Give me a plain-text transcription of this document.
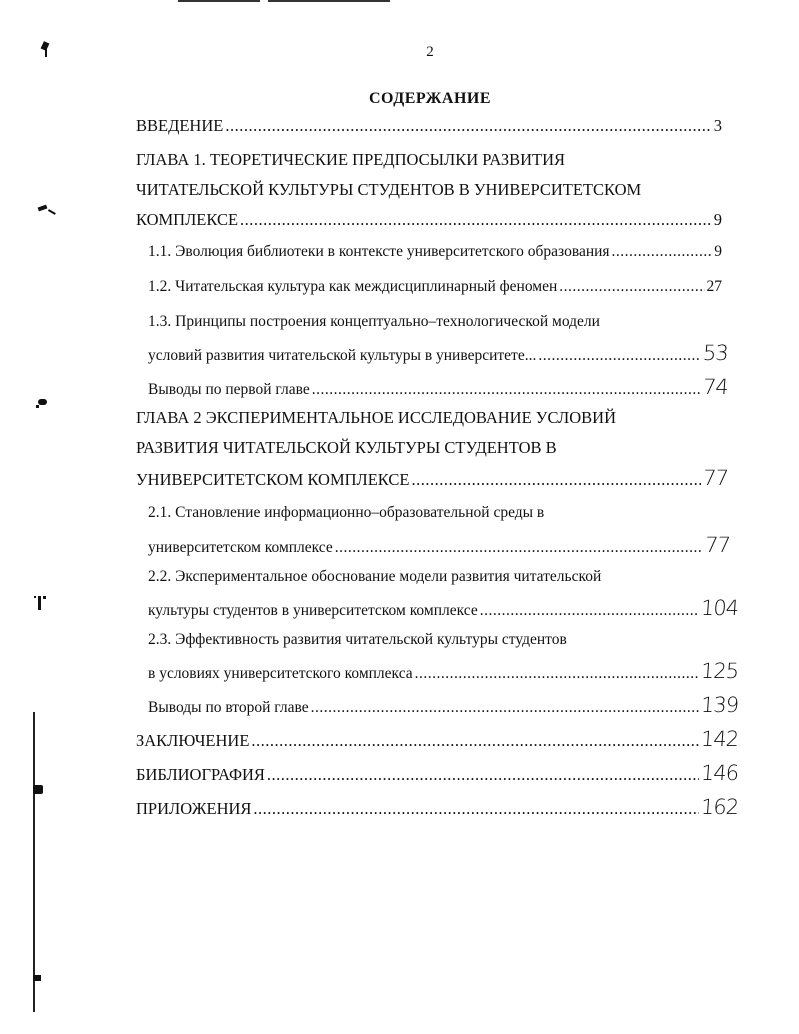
2
СОДЕРЖАНИЕ
ВВЕДЕНИЕ .....	3
ГЛАВА 1. ТЕОРЕТИЧЕСКИЕ ПРЕДПОСЫЛКИ РАЗВИТИЯ
ЧИТАТЕЛЬСКОЙ КУЛЬТУРЫ СТУДЕНТОВ В УНИВЕРСИТЕТСКОМ
КОМПЛЕКСЕ .....	9
1.1. Эволюция библиотеки в контексте университетского образования .....	9
1.2. Читательская культура как междисциплинарный феномен .....	27
1.3. Принципы построения концептуально–технологической модели
условий развития читательской культуры в университете... .....	53
Выводы по первой главе .....	74
ГЛАВА 2 ЭКСПЕРИМЕНТАЛЬНОЕ ИССЛЕДОВАНИЕ УСЛОВИЙ
РАЗВИТИЯ ЧИТАТЕЛЬСКОЙ КУЛЬТУРЫ СТУДЕНТОВ В
УНИВЕРСИТЕТСКОМ КОМПЛЕКСЕ .....	77
2.1. Становление информационно–образовательной среды в
университетском комплексе .....	77
2.2. Экспериментальное обоснование модели развития читательской
культуры студентов в университетском комплексе .....	104
2.3. Эффективность развития читательской культуры студентов
в условиях университетского комплекса .....	125
Выводы по второй главе .....	139
ЗАКЛЮЧЕНИЕ .....	142
БИБЛИОГРАФИЯ .....	146
ПРИЛОЖЕНИЯ .....	162
